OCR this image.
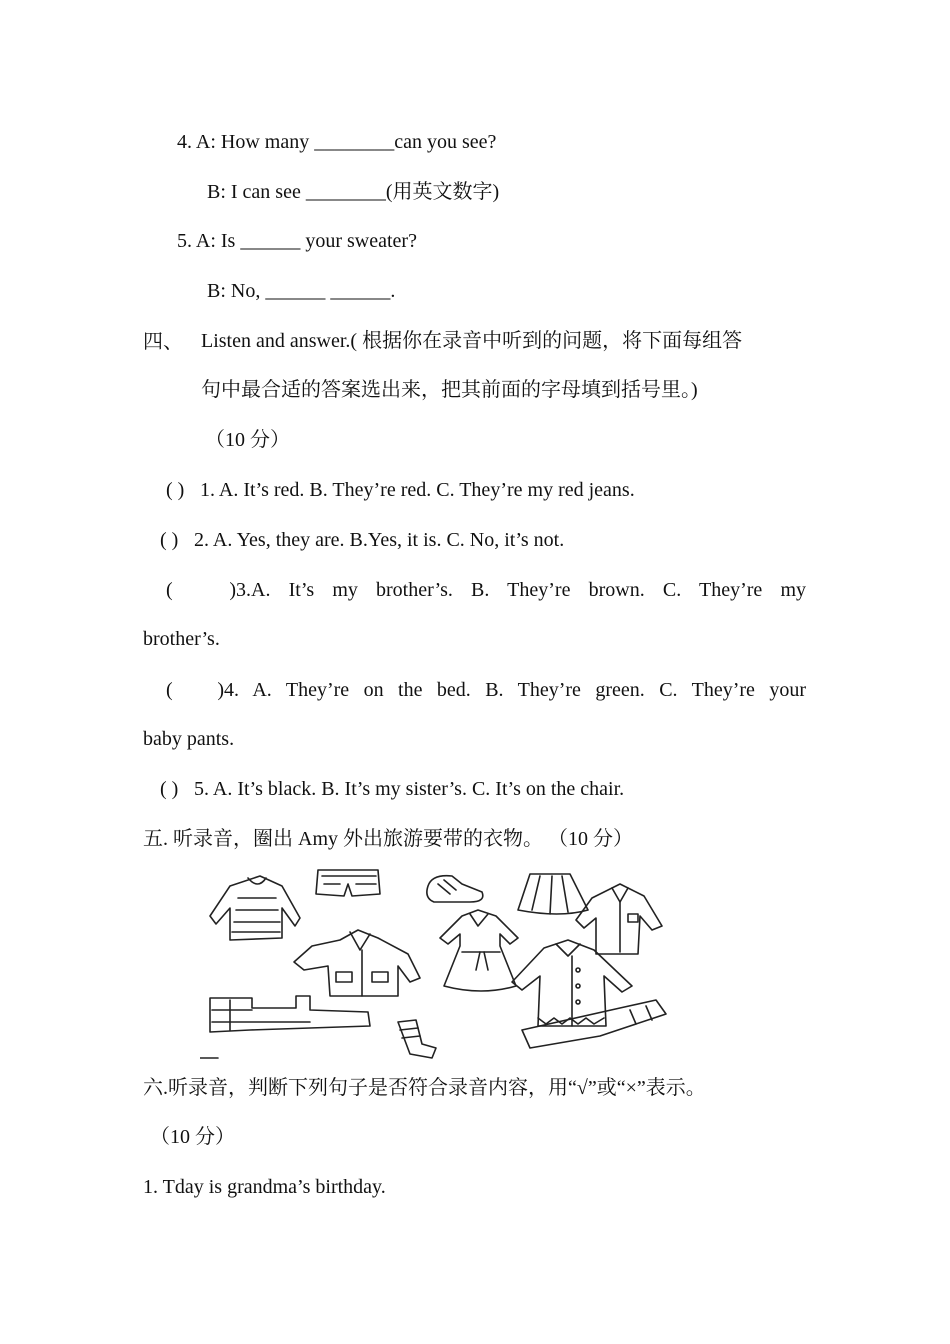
4. A: How many ________can you see?
B: I can see ________(用英文数字)
5. A: Is ______ your sweater?
B: No, ______ ______.
四、 Listen and answer.( 根据你在录音中听到的问题，将下面每组答
句中最合适的答案选出来，把其前面的字母填到括号里。)
（10 分）
( ) 1. A. It’s red. B. They’re red. C. They’re my red jeans.
( ) 2. A. Yes, they are. B.Yes, it is. C. No, it’s not.
( )3.A. It’s my brother’s. B. They’re brown. C. They’re my
brother’s.
( )4. A. They’re on the bed. B. They’re green. C. They’re your
baby pants.
( ) 5. A. It’s black. B. It’s my sister’s. C. It’s on the chair.
五. 听录音，圈出 Amy 外出旅游要带的衣物。 （10 分）
六.听录音，判断下列句子是否符合录音内容，用“√”或“×”表示。
（10 分）
1. Tday is grandma’s birthday.
